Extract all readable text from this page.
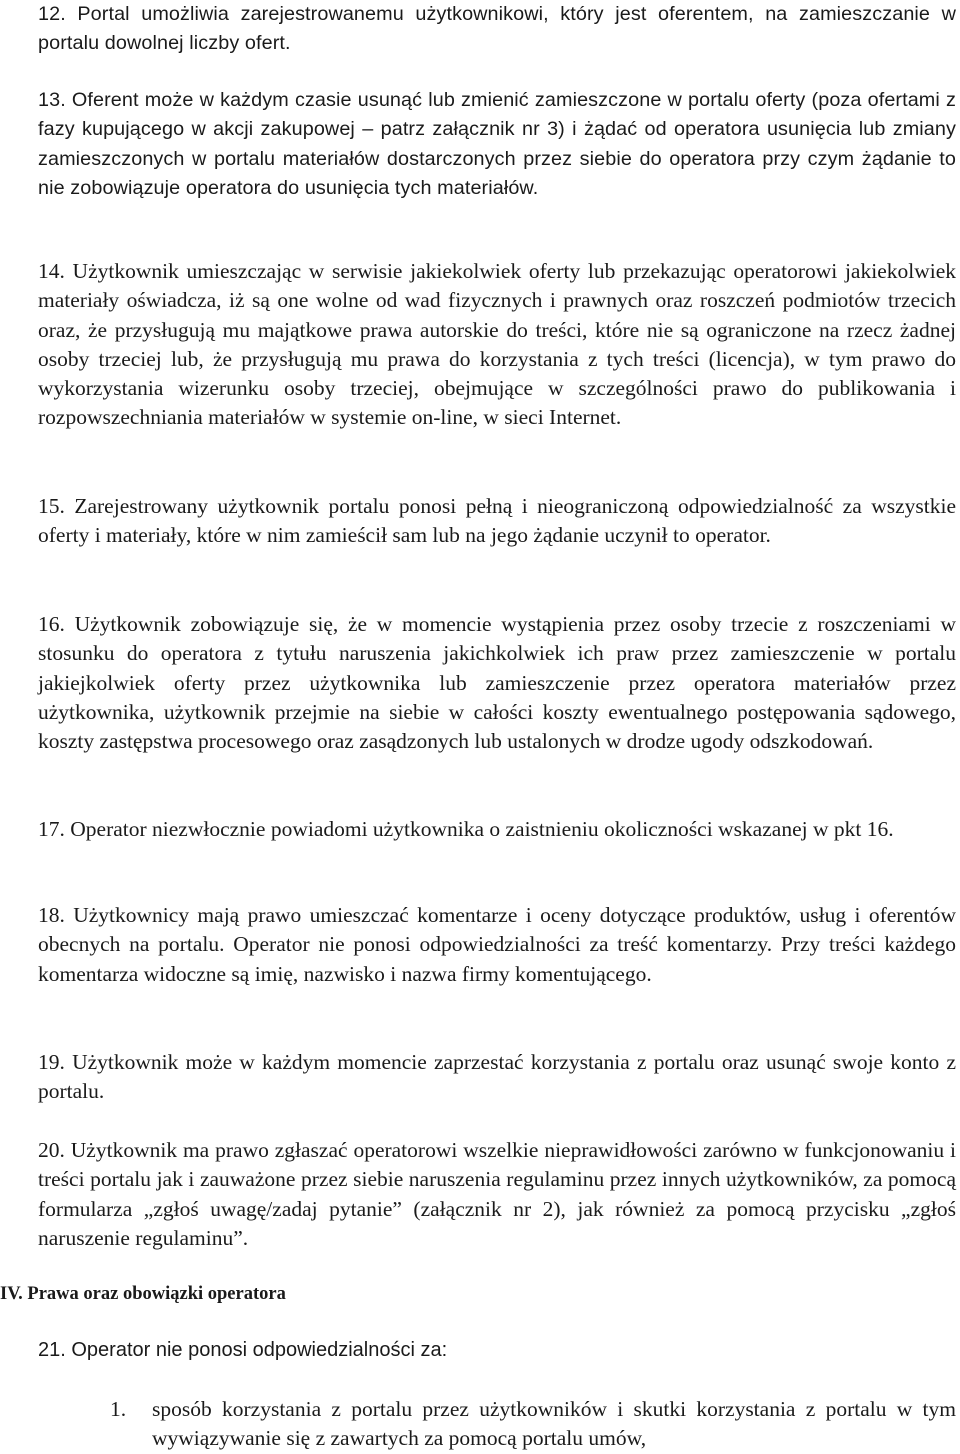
12. Portal umożliwia zarejestrowanemu użytkownikowi, który jest oferentem, na zamieszczanie w portalu dowolnej liczby ofert.

13. Oferent może w każdym czasie usunąć lub zmienić zamieszczone w portalu oferty (poza ofertami z fazy kupującego w akcji zakupowej – patrz załącznik nr 3) i żądać od operatora usunięcia lub zmiany zamieszczonych w portalu materiałów dostarczonych przez siebie do operatora przy czym żądanie to nie zobowiązuje operatora do usunięcia tych materiałów.

14. Użytkownik umieszczając w serwisie jakiekolwiek oferty lub przekazując operatorowi jakiekolwiek materiały oświadcza, iż są one wolne od wad fizycznych i prawnych oraz roszczeń podmiotów trzecich oraz, że przysługują mu majątkowe prawa autorskie do treści, które nie są ograniczone na rzecz żadnej osoby trzeciej lub, że przysługują mu prawa do korzystania z tych treści (licencja), w tym prawo do wykorzystania wizerunku osoby trzeciej, obejmujące w szczególności prawo do publikowania i rozpowszechniania materiałów w systemie on-line, w sieci Internet.

15. Zarejestrowany użytkownik portalu ponosi pełną i nieograniczoną odpowiedzialność za wszystkie oferty i materiały, które w nim zamieścił sam lub na jego żądanie uczynił to operator.

16. Użytkownik zobowiązuje się, że w momencie wystąpienia przez osoby trzecie z roszczeniami w stosunku do operatora z tytułu naruszenia jakichkolwiek ich praw przez zamieszczenie w portalu jakiejkolwiek oferty przez użytkownika lub zamieszczenie przez operatora materiałów przez użytkownika, użytkownik przejmie na siebie w całości koszty ewentualnego postępowania sądowego, koszty zastępstwa procesowego oraz zasądzonych lub ustalonych w drodze ugody odszkodowań.

17. Operator niezwłocznie powiadomi użytkownika o zaistnieniu okoliczności wskazanej w pkt 16.

18. Użytkownicy mają prawo umieszczać komentarze i oceny dotyczące produktów, usług i oferentów obecnych na portalu. Operator nie ponosi odpowiedzialności za treść komentarzy. Przy treści każdego komentarza widoczne są imię, nazwisko i nazwa firmy komentującego.

19. Użytkownik może w każdym momencie zaprzestać korzystania z portalu oraz usunąć swoje konto z portalu.

20. Użytkownik ma prawo zgłaszać operatorowi wszelkie nieprawidłowości zarówno w funkcjonowaniu i treści portalu jak i zauważone przez siebie naruszenia regulaminu przez innych użytkowników, za pomocą formularza „zgłoś uwagę/zadaj pytanie” (załącznik nr 2), jak również za pomocą przycisku „zgłoś naruszenie regulaminu”.

21. Operator nie ponosi odpowiedzialności za:

1. sposób korzystania z portalu przez użytkowników i skutki korzystania z portalu w tym wywiązywanie się z zawartych za pomocą portalu umów,
IV. Prawa oraz obowiązki operatora
